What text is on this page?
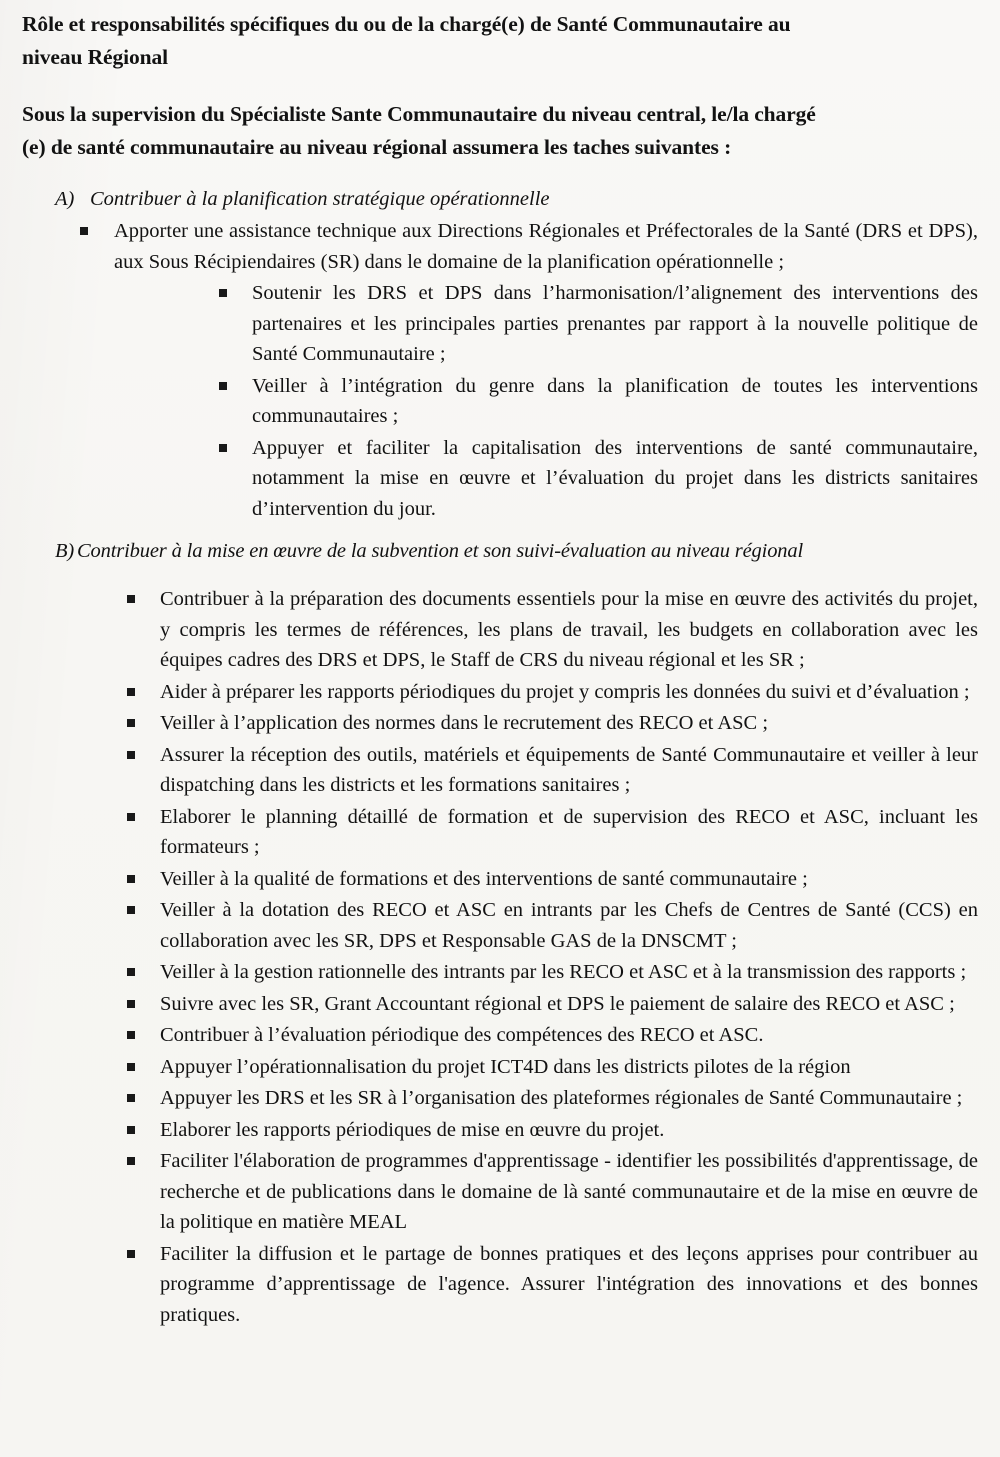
Rôle et responsabilités spécifiques du ou de la chargé(e) de Santé Communautaire au
niveau Régional
Sous la supervision du Spécialiste Sante Communautaire du niveau central, le/la chargé
(e) de santé communautaire au niveau régional assumera les taches suivantes :
A) Contribuer à la planification stratégique opérationnelle
Apporter une assistance technique aux Directions Régionales et Préfectorales de la Santé (DRS et DPS), aux Sous Récipiendaires (SR) dans le domaine de la planification opérationnelle ;
Soutenir les DRS et DPS dans l’harmonisation/l’alignement des interventions des partenaires et les principales parties prenantes par rapport à la nouvelle politique de Santé Communautaire ;
Veiller à l’intégration du genre dans la planification de toutes les interventions communautaires ;
Appuyer et faciliter la capitalisation des interventions de santé communautaire, notamment la mise en œuvre et l’évaluation du projet dans les districts sanitaires d’intervention du jour.
B) Contribuer à la mise en œuvre de la subvention et son suivi-évaluation au niveau régional
Contribuer à la préparation des documents essentiels pour la mise en œuvre des activités du projet, y compris les termes de références, les plans de travail, les budgets en collaboration avec les équipes cadres des DRS et DPS, le Staff de CRS du niveau régional et les SR ;
Aider à préparer les rapports périodiques du projet y compris les données du suivi et d’évaluation ;
Veiller à l’application des normes dans le recrutement des RECO et ASC ;
Assurer la réception des outils, matériels et équipements de Santé Communautaire et veiller à leur dispatching dans les districts et les formations sanitaires ;
Elaborer le planning détaillé de formation et de supervision des RECO et ASC, incluant les formateurs ;
Veiller à la qualité de formations et des interventions de santé communautaire ;
Veiller à la dotation des RECO et ASC en intrants par les Chefs de Centres de Santé (CCS) en collaboration avec les SR, DPS et Responsable GAS de la DNSCMT ;
Veiller à la gestion rationnelle des intrants par les RECO et ASC et à la transmission des rapports ;
Suivre avec les SR, Grant Accountant régional et DPS le paiement de salaire des RECO et ASC ;
Contribuer à l’évaluation périodique des compétences des RECO et ASC.
Appuyer l’opérationnalisation du projet ICT4D dans les districts pilotes de la région
Appuyer les DRS et les SR à l’organisation des plateformes régionales de Santé Communautaire ;
Elaborer les rapports périodiques de mise en œuvre du projet.
Faciliter l'élaboration de programmes d'apprentissage - identifier les possibilités d'apprentissage, de recherche et de publications dans le domaine de là santé communautaire et de la mise en œuvre de la politique en matière MEAL
Faciliter la diffusion et le partage de bonnes pratiques et des leçons apprises pour contribuer au programme d’apprentissage de l'agence. Assurer l'intégration des innovations et des bonnes pratiques.
